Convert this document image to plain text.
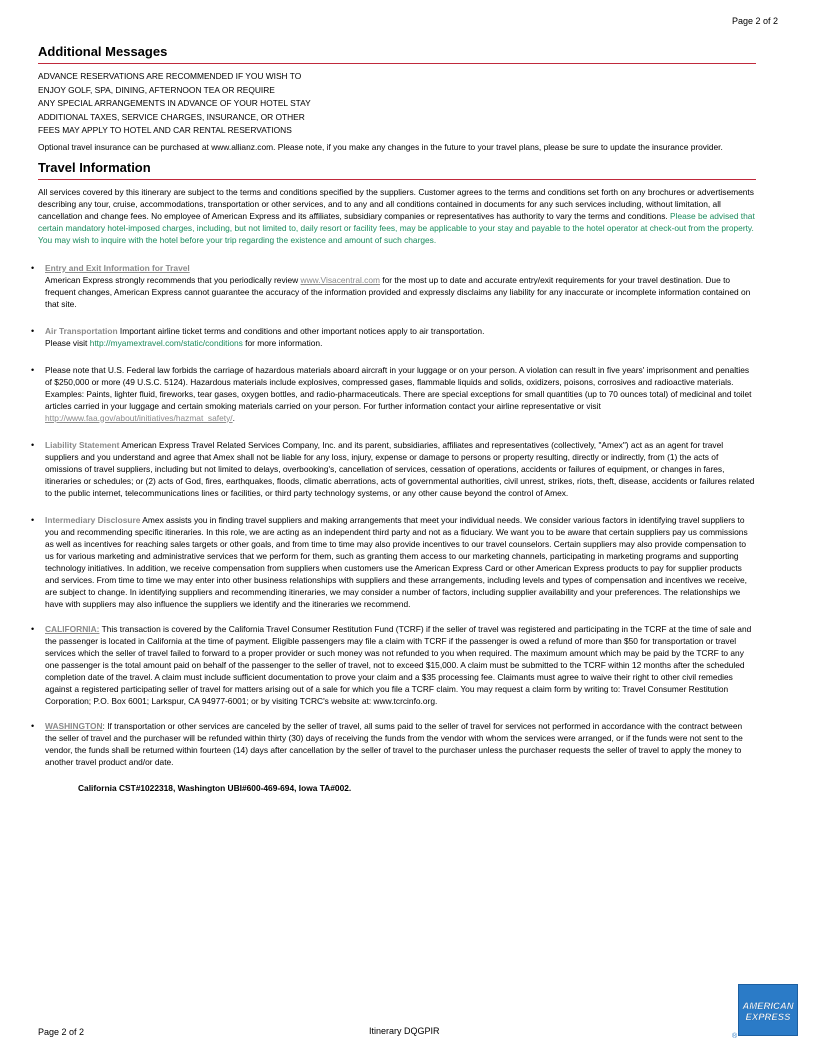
Page 2 of 2
Additional Messages
ADVANCE RESERVATIONS ARE RECOMMENDED IF YOU WISH TO
ENJOY GOLF, SPA, DINING, AFTERNOON TEA OR REQUIRE
ANY SPECIAL ARRANGEMENTS IN ADVANCE OF YOUR HOTEL STAY
ADDITIONAL TAXES, SERVICE CHARGES, INSURANCE, OR OTHER
FEES MAY APPLY TO HOTEL AND CAR RENTAL RESERVATIONS

Optional travel insurance can be purchased at www.allianz.com. Please note, if you make any changes in the future to your travel plans, please be sure to update the insurance provider.

Travel Information

All services covered by this itinerary are subject to the terms and conditions specified by the suppliers. Customer agrees to the terms and conditions set forth on any brochures or advertisements describing any tour, cruise, accommodations, transportation or other services, and to any and all conditions contained in documents for any such services including, without limitation, all cancellation and change fees. No employee of American Express and its affiliates, subsidiary companies or representatives has authority to vary the terms and conditions. Please be advised that certain mandatory hotel-imposed charges, including, but not limited to, daily resort or facility fees, may be applicable to your stay and payable to the hotel operator at check-out from the property. You may wish to inquire with the hotel before your trip regarding the existence and amount of such charges.

• Entry and Exit Information for Travel
American Express strongly recommends that you periodically review www.Visacentral.com for the most up to date and accurate entry/exit requirements for your travel destination. Due to frequent changes, American Express cannot guarantee the accuracy of the information provided and expressly disclaims any liability for any inaccurate or incomplete information contained on that site.
• Air Transportation Important airline ticket terms and conditions and other important notices apply to air transportation.
Please visit http://myamextravel.com/static/conditions for more information.
• Please note that U.S. Federal law forbids the carriage of hazardous materials aboard aircraft in your luggage or on your person. A violation can result in five years' imprisonment and penalties of $250,000 or more (49 U.S.C. 5124). Hazardous materials include explosives, compressed gases, flammable liquids and solids, oxidizers, poisons, corrosives and radioactive materials. Examples: Paints, lighter fluid, fireworks, tear gases, oxygen bottles, and radio-pharmaceuticals. There are special exceptions for small quantities (up to 70 ounces total) of medicinal and toilet articles carried in your luggage and certain smoking materials carried on your person. For further information contact your airline representative or visit http://www.faa.gov/about/initiatives/hazmat_safety/.
• Liability Statement American Express Travel Related Services Company, Inc. and its parent, subsidiaries, affiliates and representatives (collectively, "Amex") act as an agent for travel suppliers and you understand and agree that Amex shall not be liable for any loss, injury, expense or damage to persons or property resulting, directly or indirectly, from (1) the acts of omissions of travel suppliers, including but not limited to delays, overbooking's, cancellation of services, cessation of operations, accidents or failures of equipment, or changes in fares, itineraries or schedules; or (2) acts of God, fires, earthquakes, floods, climatic aberrations, acts of governmental authorities, civil unrest, strikes, riots, theft, disease, accidents or failures related to the public internet, telecommunications lines or facilities, or third party technology systems, or any other cause beyond the control of Amex.
• Intermediary Disclosure Amex assists you in finding travel suppliers and making arrangements that meet your individual needs. We consider various factors in identifying travel suppliers to you and recommending specific itineraries. In this role, we are acting as an independent third party and not as a fiduciary. We want you to be aware that certain suppliers pay us commissions as well as incentives for reaching sales targets or other goals, and from time to time may also provide incentives to our travel counselors. Certain suppliers may also provide compensation to us for various marketing and administrative services that we perform for them, such as granting them access to our marketing channels, participating in marketing programs and supporting technology initiatives. In addition, we receive compensation from suppliers when customers use the American Express Card or other American Express products to pay for supplier products and services. From time to time we may enter into other business relationships with suppliers and these arrangements, including levels and types of compensation and incentives we receive, are subject to change. In identifying suppliers and recommending itineraries, we may consider a number of factors, including supplier availability and your preferences. The relationships we have with suppliers may also influence the suppliers we identify and the itineraries we recommend.
• CALIFORNIA: This transaction is covered by the California Travel Consumer Restitution Fund (TCRF) if the seller of travel was registered and participating in the TCRF at the time of sale and the passenger is located in California at the time of payment. Eligible passengers may file a claim with TCRF if the passenger is owed a refund of more than $50 for transportation or travel services which the seller of travel failed to forward to a proper provider or such money was not refunded to you when required. The maximum amount which may be paid by the TCRF to any one passenger is the total amount paid on behalf of the passenger to the seller of travel, not to exceed $15,000. A claim must be submitted to the TCRF within 12 months after the scheduled completion date of the travel. A claim must include sufficient documentation to prove your claim and a $35 processing fee. Claimants must agree to waive their right to other civil remedies against a registered participating seller of travel for matters arising out of a sale for which you file a TCRF claim. You may request a claim form by writing to: Travel Consumer Restitution Corporation; P.O. Box 6001; Larkspur, CA 94977-6001; or by visiting TCRC's website at: www.tcrcinfo.org.
• WASHINGTON: If transportation or other services are canceled by the seller of travel, all sums paid to the seller of travel for services not performed in accordance with the contract between the seller of travel and the purchaser will be refunded within thirty (30) days of receiving the funds from the vendor with whom the services were arranged, or if the funds were not sent to the vendor, the funds shall be returned within fourteen (14) days after cancellation by the seller of travel to the purchaser unless the purchaser requests the seller of travel to apply the money to another travel product and/or date.
California CST#1022318, Washington UBI#600-469-694, Iowa TA#002.
Page 2 of 2	Itinerary DQGPIR
AMERICAN
EXPRESS
®
